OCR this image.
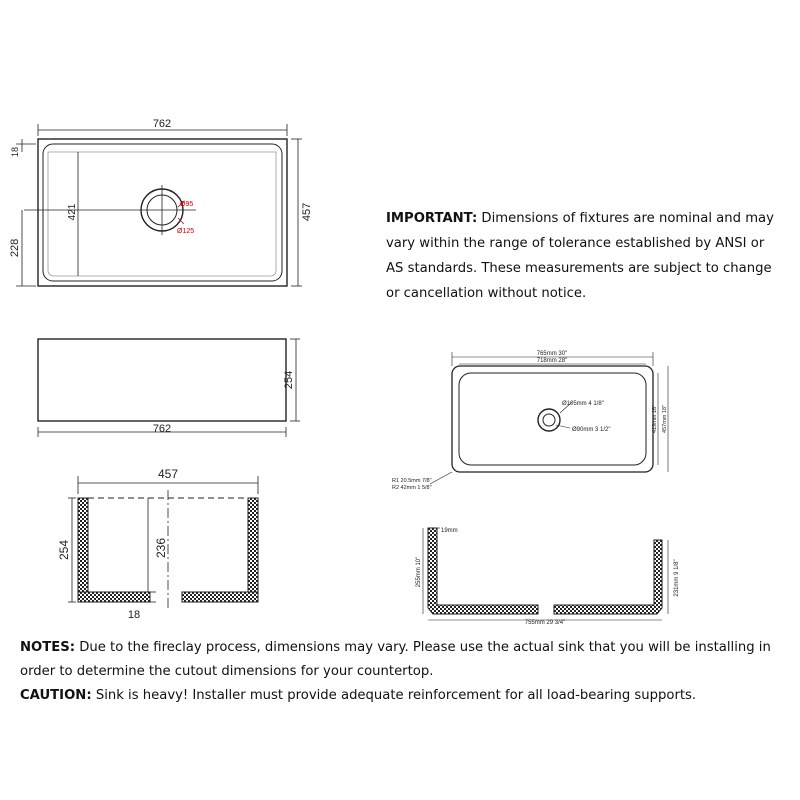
762
457
421
228
18
Ø95
Ø125
762
254
457
254	236
18
765mm 30"
718mm 28"
419mm 16" 457mm 18"
Ø105mm 4 1/8"
Ø90mm 3 1/2"
R1 20.5mm 7/8"
R2 42mm 1 5/8"
19mm
255mm 10"	231mm 9 1/8"
755mm 29 3/4"
IMPORTANT: Dimensions of fixtures are nominal and may vary within the range of tolerance established by ANSI or AS standards. These measurements are subject to change or cancellation without notice.
NOTES: Due to the fireclay process, dimensions may vary. Please use the actual sink that you will be installing in order to determine the cutout dimensions for your countertop.
CAUTION: Sink is heavy! Installer must provide adequate reinforcement for all load-bearing supports.
